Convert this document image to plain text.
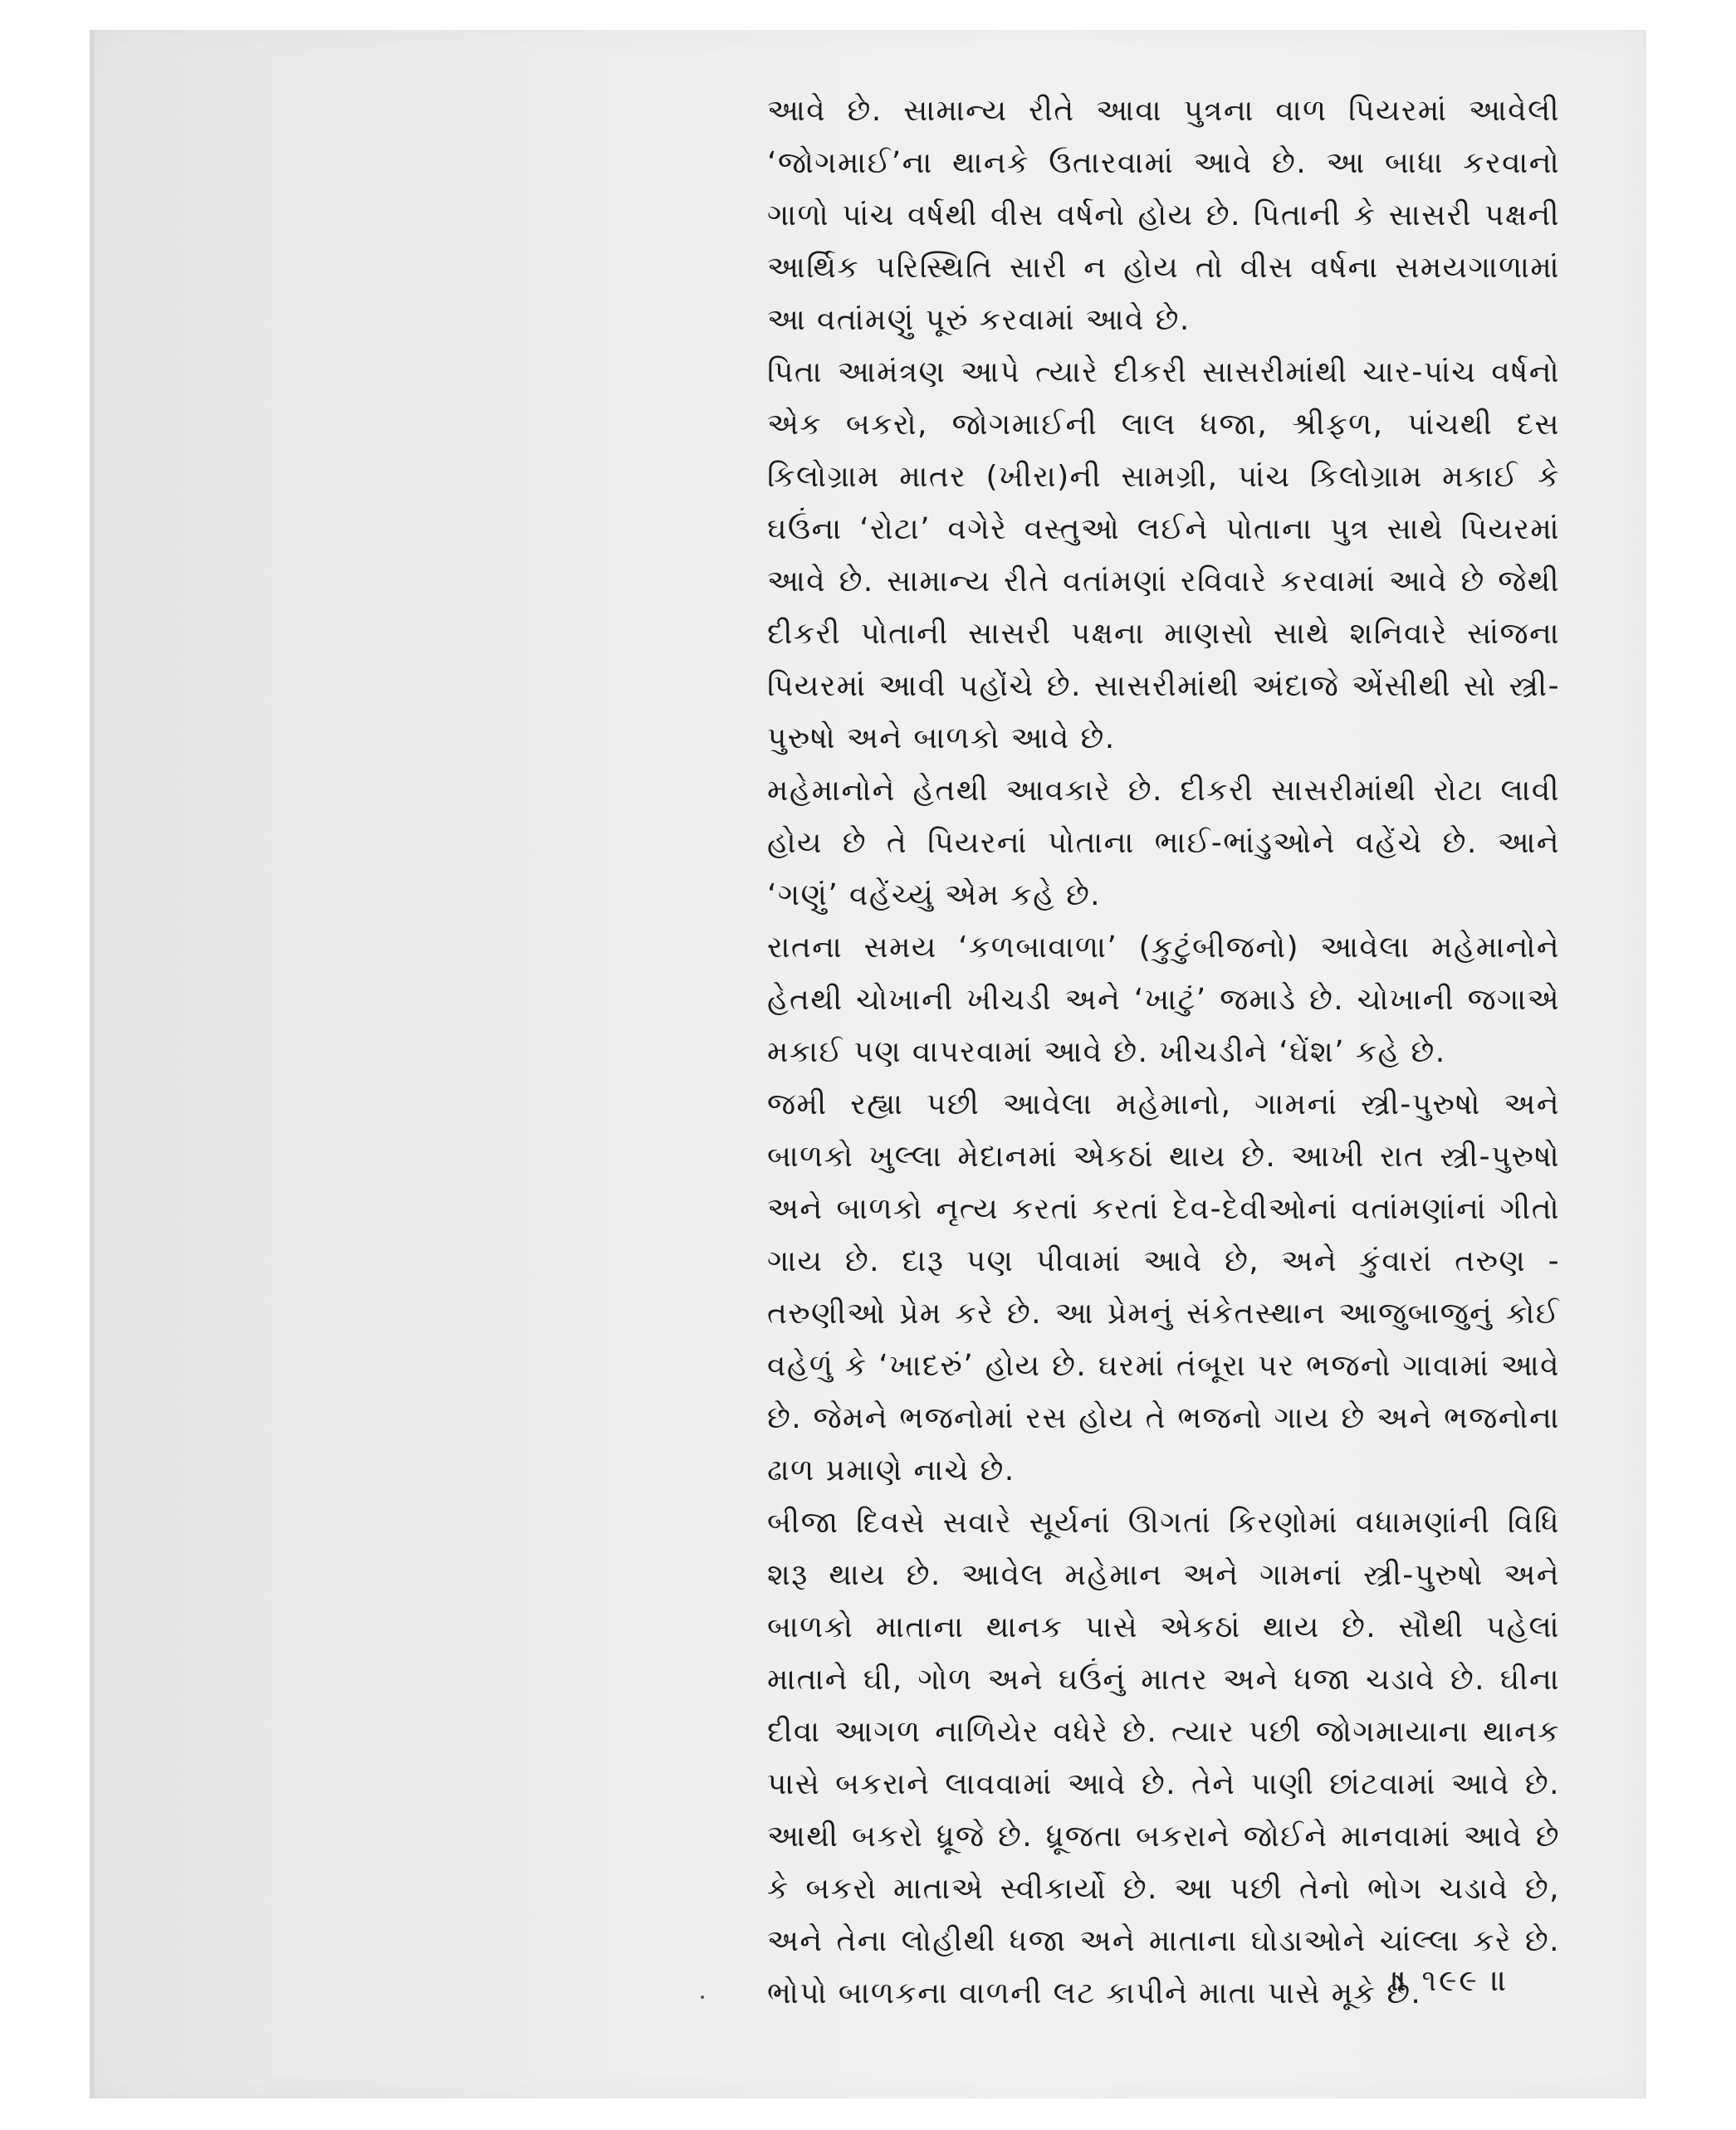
આવે છે. સામાન્ય રીતે આવા પુત્રના વાળ પિયરમાં આવેલી ‘જોગમાઈ’ના થાનકે ઉતારવામાં આવે છે. આ બાધા કરવાનો ગાળો પાંચ વર્ષથી વીસ વર્ષનો હોય છે. પિતાની કે સાસરી પક્ષની આર્થિક પરિસ્થિતિ સારી ન હોય તો વીસ વર્ષના સમયગાળામાં આ વતાંમણું પૂરું કરવામાં આવે છે.

પિતા આમંત્રણ આપે ત્યારે દીકરી સાસરીમાંથી ચાર-પાંચ વર્ષનો એક બકરો, જોગમાઈની લાલ ધજા, શ્રીફળ, પાંચથી દસ કિલોગ્રામ માતર (ખીરા)ની સામગ્રી, પાંચ કિલોગ્રામ મકાઈ કે ઘઉંના ‘રોટા’ વગેરે વસ્તુઓ લઈને પોતાના પુત્ર સાથે પિયરમાં આવે છે. સામાન્ય રીતે વતાંમણાં રવિવારે કરવામાં આવે છે જેથી દીકરી પોતાની સાસરી પક્ષના માણસો સાથે શનિવારે સાંજના પિયરમાં આવી પહોંચે છે. સાસરીમાંથી અંદાજે એંસીથી સો સ્ત્રી-પુરુષો અને બાળકો આવે છે.

મહેમાનોને હેતથી આવકારે છે. દીકરી સાસરીમાંથી રોટા લાવી હોય છે તે પિયરનાં પોતાના ભાઈ-ભાંડુઓને વહેંચે છે. આને ‘ગણું’ વહેંચ્યું એમ કહે છે.

રાતના સમય ‘કળબાવાળા’ (કુટુંબીજનો) આવેલા મહેમાનોને હેતથી ચોખાની ખીચડી અને ‘ખાટું’ જમાડે છે. ચોખાની જગાએ મકાઈ પણ વાપરવામાં આવે છે. ખીચડીને ‘ઘેંશ’ કહે છે.

જમી રહ્યા પછી આવેલા મહેમાનો, ગામનાં સ્ત્રી-પુરુષો અને બાળકો ખુલ્લા મેદાનમાં એકઠાં થાય છે. આખી રાત સ્ત્રી-પુરુષો અને બાળકો નૃત્ય કરતાં કરતાં દેવ-દેવીઓનાં વતાંમણાંનાં ગીતો ગાય છે. દારૂ પણ પીવામાં આવે છે, અને કુંવારાં તરુણ - તરુણીઓ પ્રેમ કરે છે. આ પ્રેમનું સંકેતસ્થાન આજુબાજુનું કોઈ વહેળું કે ‘ખાદરું’ હોય છે. ઘરમાં તંબૂરા પર ભજનો ગાવામાં આવે છે. જેમને ભજનોમાં રસ હોય તે ભજનો ગાય છે અને ભજનોના ઢાળ પ્રમાણે નાચે છે.

બીજા દિવસે સવારે સૂર્યનાં ઊગતાં કિરણોમાં વધામણાંની વિધિ શરૂ થાય છે. આવેલ મહેમાન અને ગામનાં સ્ત્રી-પુરુષો અને બાળકો માતાના થાનક પાસે એકઠાં થાય છે. સૌથી પહેલાં માતાને ઘી, ગોળ અને ઘઉંનું માતર અને ધજા ચડાવે છે. ઘીના દીવા આગળ નાળિયેર વધેરે છે. ત્યાર પછી જોગમાયાના થાનક પાસે બકરાને લાવવામાં આવે છે. તેને પાણી છાંટવામાં આવે છે. આથી બકરો ધ્રૂજે છે. ધ્રૂજતા બકરાને જોઈને માનવામાં આવે છે કે બકરો માતાએ સ્વીકાર્યો છે. આ પછી તેનો ભોગ ચડાવે છે, અને તેના લોહીથી ધજા અને માતાના ઘોડાઓને ચાંલ્લા કરે છે. ભોપો બાળકના વાળની લટ કાપીને માતા પાસે મૂકે છે.

॥ ૧૯૯ ॥
